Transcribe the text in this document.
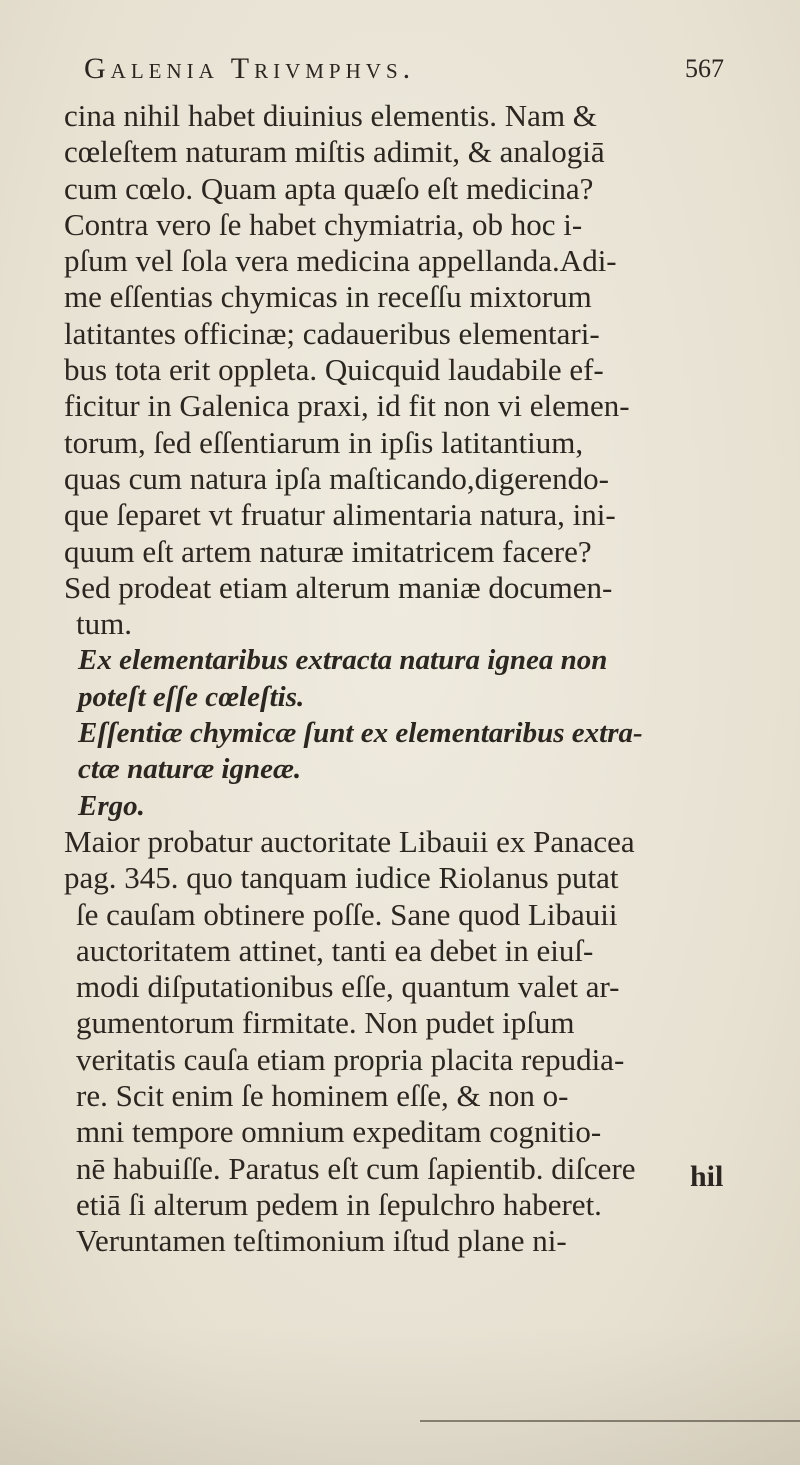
Galenia Trivmphvs.	567
cina nihil habet diuinius elementis. Nam &
cœleſtem naturam miſtis adimit, & analogiā
cum cœlo. Quam apta quæſo eſt medicina?
Contra vero ſe habet chymiatria, ob hoc i-
pſum vel ſola vera medicina appellanda.Adi-
me eſſentias chymicas in receſſu mixtorum
latitantes officinæ; cadaueribus elementari-
bus tota erit oppleta. Quicquid laudabile ef-
ficitur in Galenica praxi, id fit non vi elemen-
torum, ſed eſſentiarum in ipſis latitantium,
quas cum natura ipſa maſticando,digerendo-
que ſeparet vt fruatur alimentaria natura, ini-
quum eſt artem naturæ imitatricem facere?
Sed prodeat etiam alterum maniæ documen-
tum.
Ex elementaribus extracta natura ignea non
poteſt eſſe cœleſtis.
Eſſentiæ chymicæ ſunt ex elementaribus extra-
ctæ naturæ igneæ.
Ergo.
Maior probatur auctoritate Libauii ex Panacea
pag. 345. quo tanquam iudice Riolanus putat
ſe cauſam obtinere poſſe. Sane quod Libauii
auctoritatem attinet, tanti ea debet in eiuſ-
modi diſputationibus eſſe, quantum valet ar-
gumentorum firmitate. Non pudet ipſum
veritatis cauſa etiam propria placita repudia-
re. Scit enim ſe hominem eſſe, & non o-
mni tempore omnium expeditam cognitio-
nē habuiſſe. Paratus eſt cum ſapientib. diſcere
etiā ſi alterum pedem in ſepulchro haberet.
Veruntamen teſtimonium iſtud plane ni-
hil
